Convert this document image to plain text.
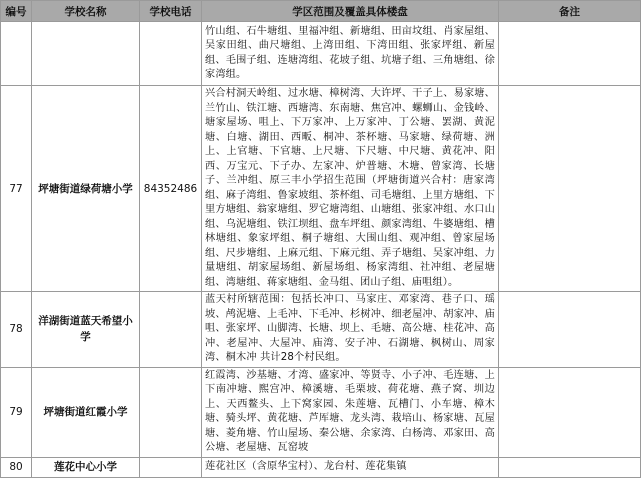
编号	学校名称	学校电话	学区范围及覆盖具体楼盘	备注

			竹山组、石牛塘组、里福冲组、新塘组、田亩坟组、肖家屋组、吴家田组、曲尺塘组、上湾田组、下湾田组、张家坪组、新屋组、毛围子组、连塘湾组、花坡子组、坑塘子组、三角塘组、徐家湾组。	

77	坪塘街道绿荷塘小学	84352486	兴合村洞天岭组、过水塘、樟树湾、大许坪、干子上、易家塘、兰竹山、铁江塘、西塘湾、东南塘、焦宫冲、螺蛳山、金钱岭、塘家屋场、咀上、下万家冲、上万家冲、丁公塘、罢湖、黄泥塘、白塘、湖田、西畈、桐冲、茶杯塘、马家塘、绿荷塘、洲上、上官塘、下官塘、上尺塘、下尺塘、中尺塘、黄花冲、阳西、万宝元、下子办、左家冲、炉普塘、木塘、曾家湾、长塘子、兰冲组、原三丰小学招生范围（坪塘街道兴合村：唐家湾组、麻子湾组、鲁家坡组、茶杯组、司毛塘组、上里方塘组、下里方塘组、翁家塘组、罗它塘湾组、山塘组、张家冲组、水口山组、乌泥塘组、铁江坝组、盘车坪组、颜家湾组、牛婆塘组、槽林塘组、象家坪组、桐子塘组、大围山组、观冲组、曾家屋场组、尺步塘组、上麻元组、下麻元组、弄子塘组、吴家冲组、力量塘组、胡家屋场组、新屋场组、杨家湾组、社冲组、老屋塘组、湾塘组、蒋家塘组、金马组、团山子组、庙咀组）。	

78	洋湖街道蓝天希望小学		蓝天村所辖范围：包括长冲口、马家庄、邓家湾、巷子口、瑶坡、鸬泥塘、上毛冲、下毛冲、杉树冲、细老屋冲、胡家冲、庙咀、张家坪、山脚湾、长塘、坝上、毛塘、高公塘、桂花冲、高冲、老屋冲、大屋冲、庙湾、安子冲、石湖塘、枫树山、周家湾、桐木冲 共计28个村民组。	

79	坪塘街道红霞小学		红霞湾、沙基塘、才湾、盛家冲、等贤寺、小子冲、毛连塘、上下南冲塘、熙宫冲、樟溪塘、毛栗坡、荷花塘、燕子窝、圳边上、天西鳌头、上下窝家园、朱莲塘、瓦槽门、小车塘、樟木塘、骑头坪、黄花塘、芦厍塘、龙头湾、栽培山、杨家塘、瓦屋塘、菱角塘、竹山屋场、秦公塘、余家湾、白杨湾、邓家田、高公塘、老屋塘、瓦窑坡	

80	莲花中心小学		莲花社区（含原华宝村）、龙台村、莲花集镇	
